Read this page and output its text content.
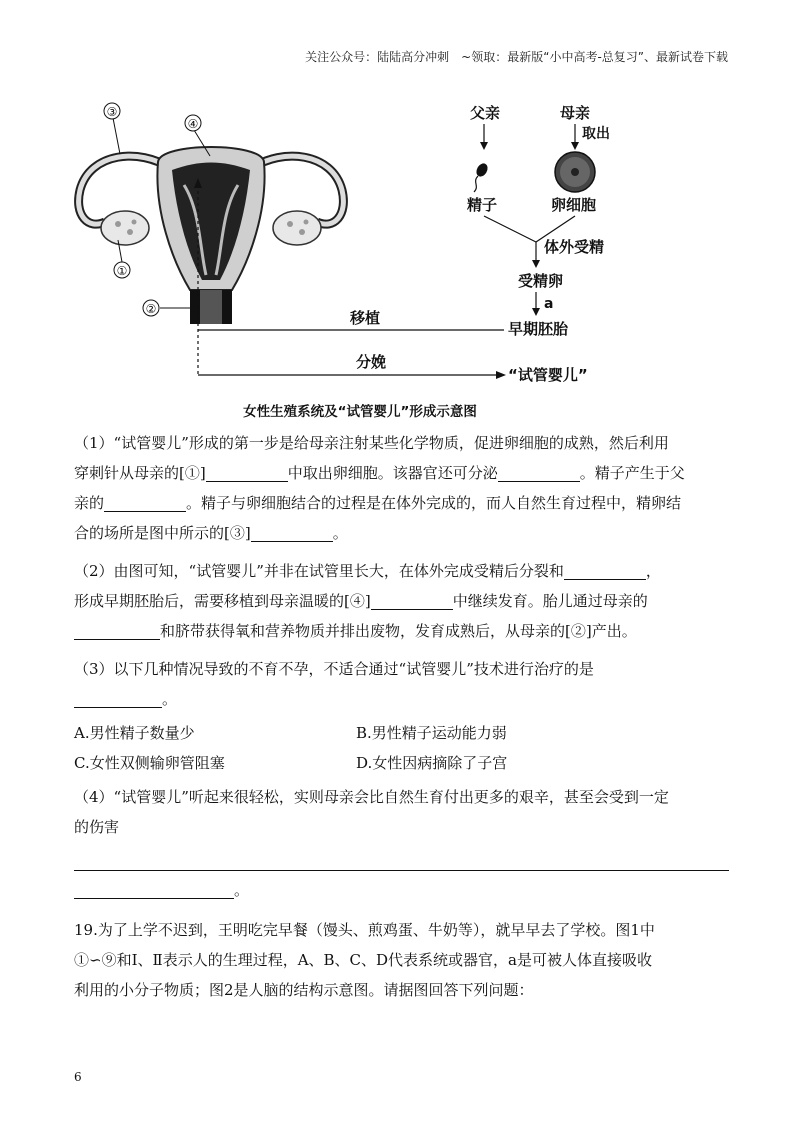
关注公众号：陆陆高分冲刺　~领取：最新版“小中高考-总复习”、最新试卷下载
③
④
①
②
父亲	母亲
取出
精子	卵细胞
体外受精
受精卵
a
早期胚胎
移植
分娩
“试管婴儿”
女性生殖系统及“试管婴儿”形成示意图
（1）“试管婴儿”形成的第一步是给母亲注射某些化学物质，促进卵细胞的成熟，然后利用
穿刺针从母亲的[①]	中取出卵细胞。该器官还可分泌	。精子产生于父
亲的	。精子与卵细胞结合的过程是在体外完成的，而人自然生育过程中，精卵结
合的场所是图中所示的[③]	。
（2）由图可知，“试管婴儿”并非在试管里长大，在体外完成受精后分裂和	，
形成早期胚胎后，需要移植到母亲温暖的[④]	中继续发育。胎儿通过母亲的
和脐带获得氧和营养物质并排出废物，发育成熟后，从母亲的[②]产出。
（3）以下几种情况导致的不育不孕，不适合通过“试管婴儿”技术进行治疗的是
。
A.男性精子数量少	B.男性精子运动能力弱
C.女性双侧输卵管阻塞	D.女性因病摘除了子宫
（4）“试管婴儿”听起来很轻松，实则母亲会比自然生育付出更多的艰辛，甚至会受到一定
的伤害
。
19.为了上学不迟到，王明吃完早餐（馒头、煎鸡蛋、牛奶等），就早早去了学校。图1中
①∽⑨和Ⅰ、Ⅱ表示人的生理过程，A、B、C、D代表系统或器官，a是可被人体直接吸收
利用的小分子物质；图2是人脑的结构示意图。请据图回答下列问题：
6
